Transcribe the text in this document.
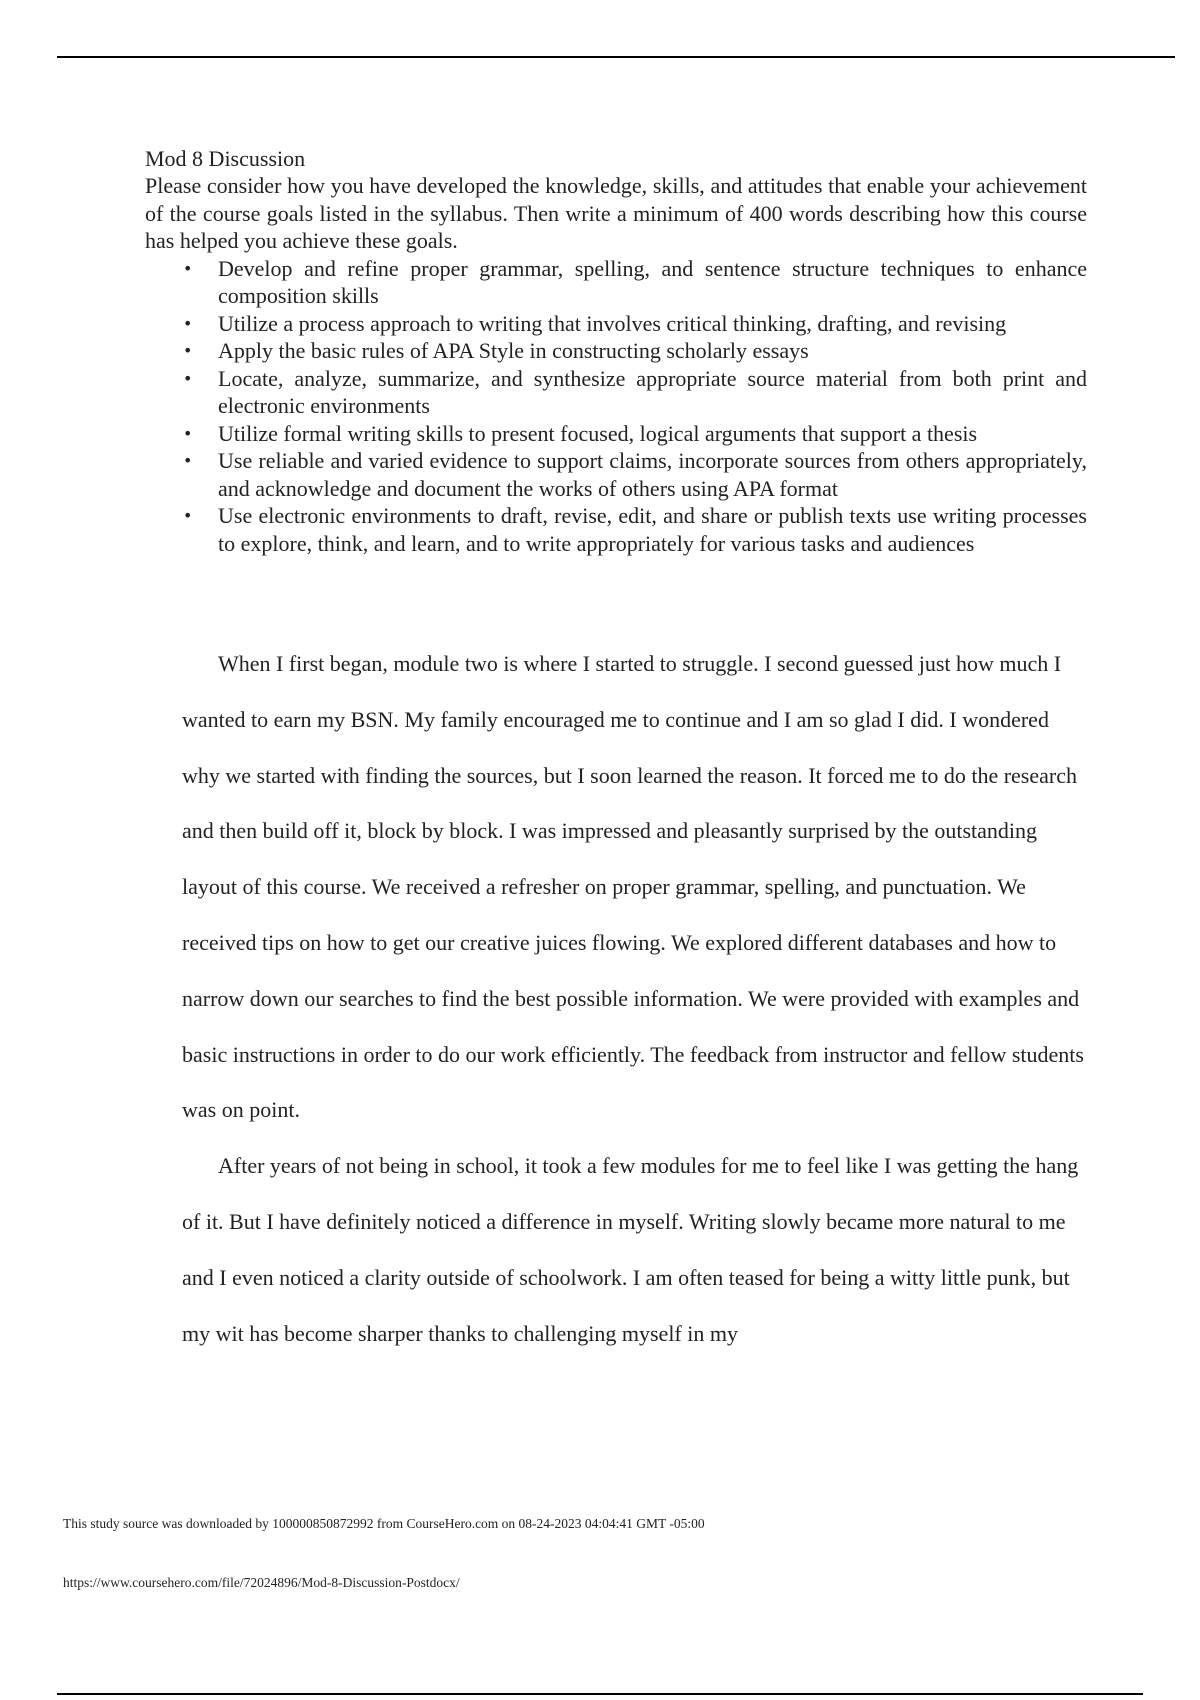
Mod 8 Discussion

Please consider how you have developed the knowledge, skills, and attitudes that enable your achievement of the course goals listed in the syllabus. Then write a minimum of 400 words describing how this course has helped you achieve these goals.

• Develop and refine proper grammar, spelling, and sentence structure techniques to enhance composition skills
• Utilize a process approach to writing that involves critical thinking, drafting, and revising
• Apply the basic rules of APA Style in constructing scholarly essays
• Locate, analyze, summarize, and synthesize appropriate source material from both print and electronic environments
• Utilize formal writing skills to present focused, logical arguments that support a thesis
• Use reliable and varied evidence to support claims, incorporate sources from others appropriately, and acknowledge and document the works of others using APA format
• Use electronic environments to draft, revise, edit, and share or publish texts use writing processes to explore, think, and learn, and to write appropriately for various tasks and audiences

When I first began, module two is where I started to struggle. I second guessed just how much I wanted to earn my BSN. My family encouraged me to continue and I am so glad I did. I wondered why we started with finding the sources, but I soon learned the reason. It forced me to do the research and then build off it, block by block. I was impressed and pleasantly surprised by the outstanding layout of this course. We received a refresher on proper grammar, spelling, and punctuation. We received tips on how to get our creative juices flowing. We explored different databases and how to narrow down our searches to find the best possible information. We were provided with examples and basic instructions in order to do our work efficiently. The feedback from instructor and fellow students was on point.

After years of not being in school, it took a few modules for me to feel like I was getting the hang of it. But I have definitely noticed a difference in myself. Writing slowly became more natural to me and I even noticed a clarity outside of schoolwork. I am often teased for being a witty little punk, but my wit has become sharper thanks to challenging myself in my

This study source was downloaded by 100000850872992 from CourseHero.com on 08-24-2023 04:04:41 GMT -05:00
https://www.coursehero.com/file/72024896/Mod-8-Discussion-Postdocx/
